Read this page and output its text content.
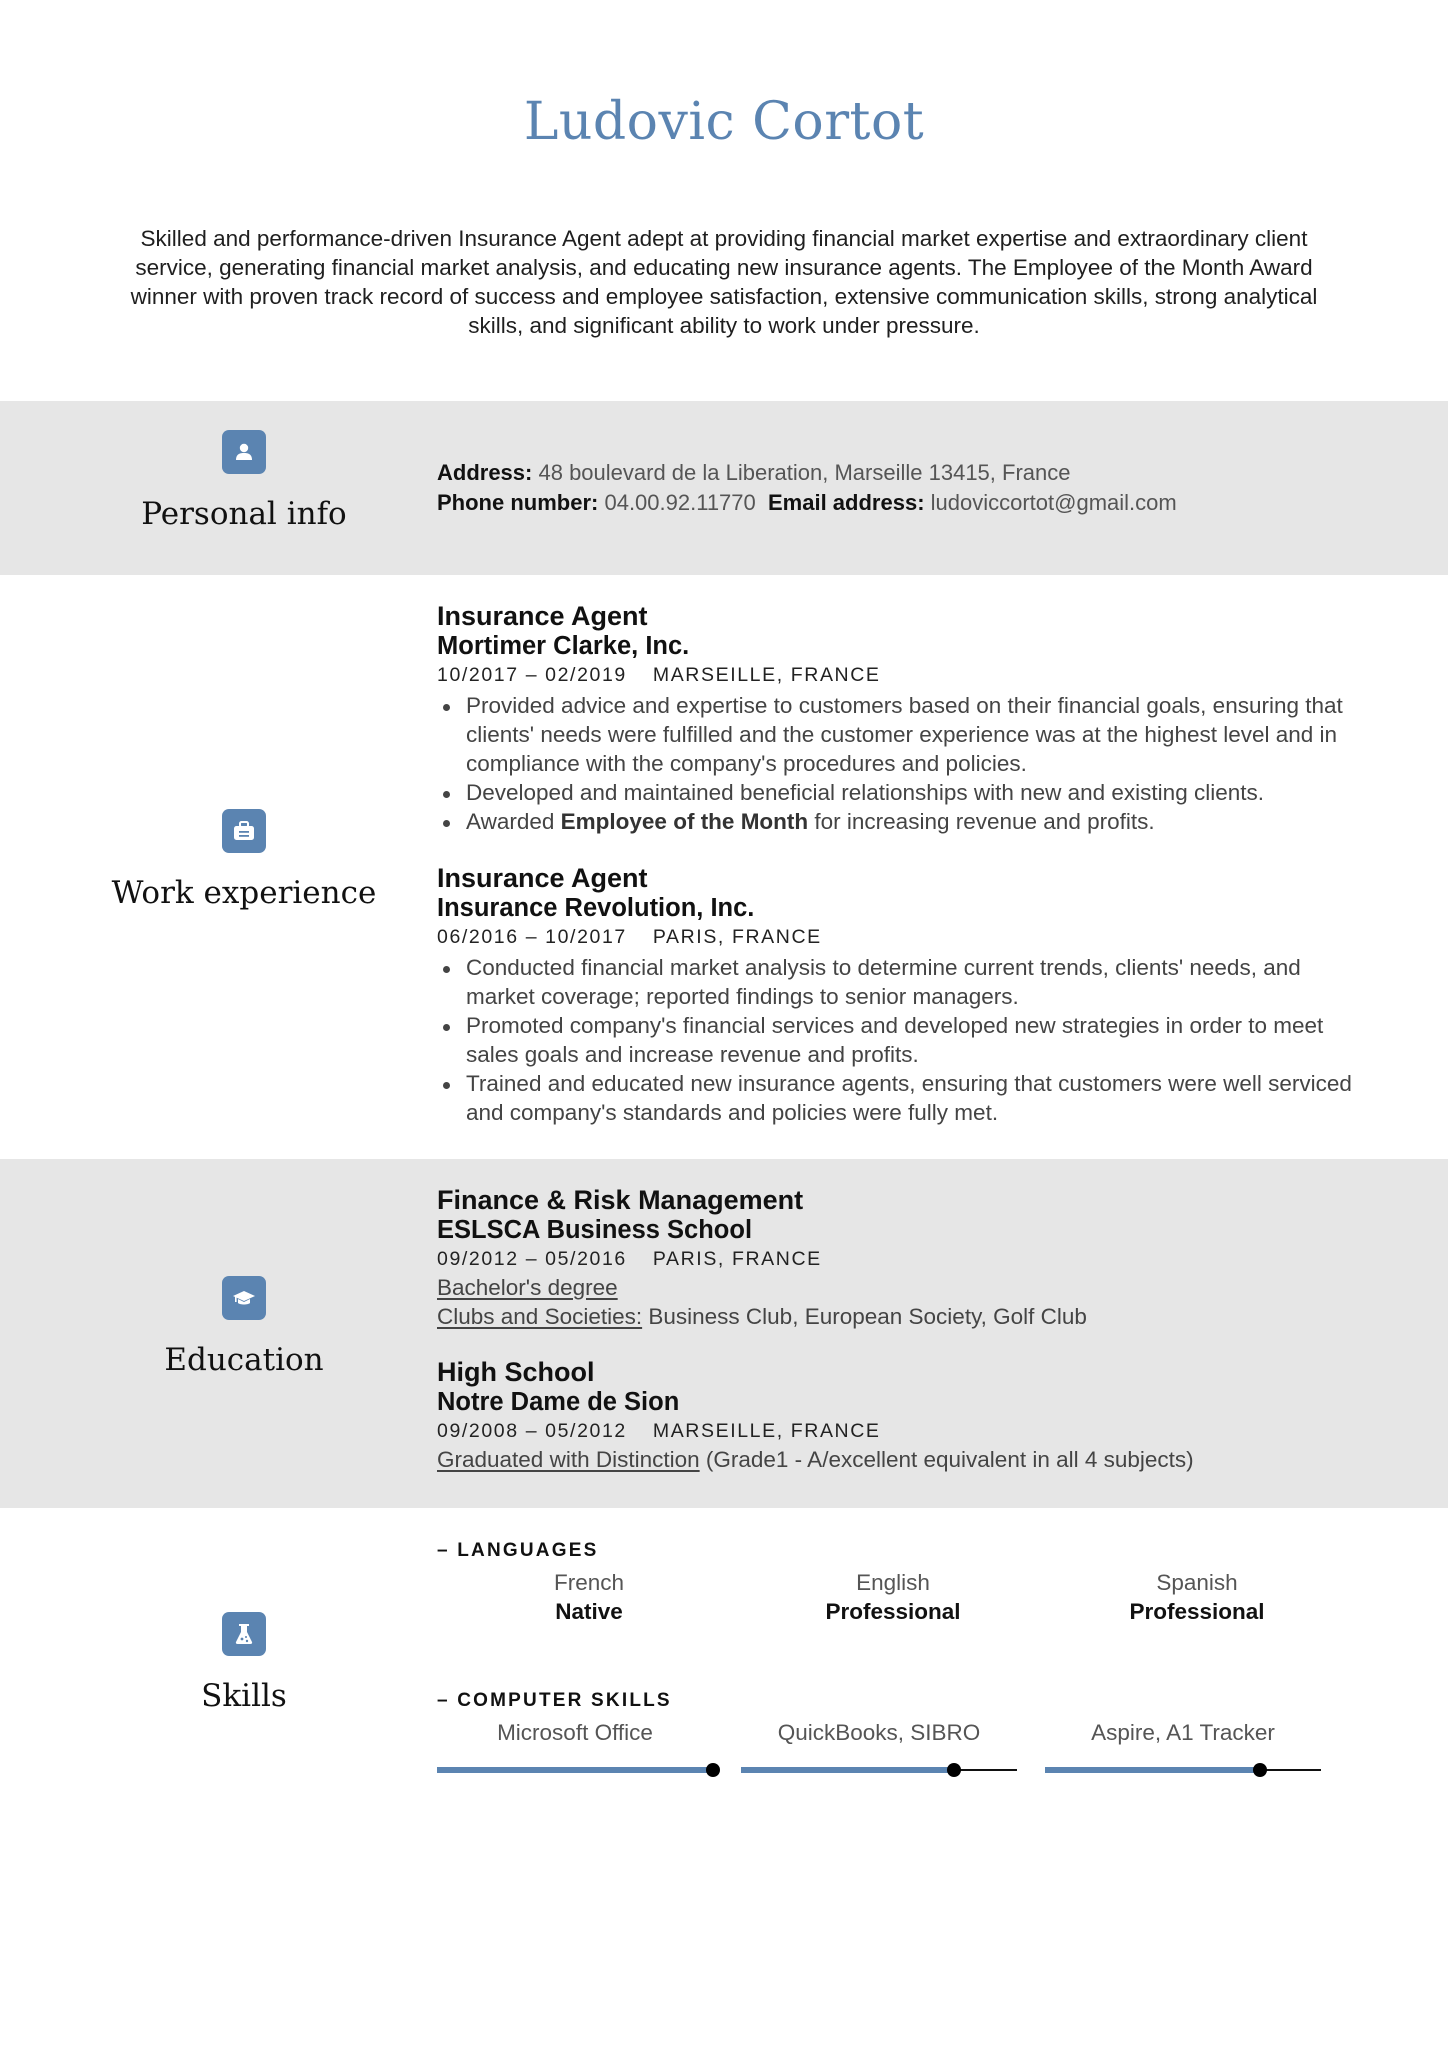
Ludovic Cortot
Skilled and performance-driven Insurance Agent adept at providing financial market expertise and extraordinary client service, generating financial market analysis, and educating new insurance agents. The Employee of the Month Award winner with proven track record of success and employee satisfaction, extensive communication skills, strong analytical skills, and significant ability to work under pressure.
Personal info
Address: 48 boulevard de la Liberation, Marseille 13415, France
Phone number: 04.00.92.11770 Email address: ludoviccortot@gmail.com
Work experience
Insurance Agent
Mortimer Clarke, Inc.
10/2017 – 02/2019 MARSEILLE, FRANCE
Provided advice and expertise to customers based on their financial goals, ensuring that clients' needs were fulfilled and the customer experience was at the highest level and in compliance with the company's procedures and policies.
Developed and maintained beneficial relationships with new and existing clients.
Awarded Employee of the Month for increasing revenue and profits.
Insurance Agent
Insurance Revolution, Inc.
06/2016 – 10/2017 PARIS, FRANCE
Conducted financial market analysis to determine current trends, clients' needs, and market coverage; reported findings to senior managers.
Promoted company's financial services and developed new strategies in order to meet sales goals and increase revenue and profits.
Trained and educated new insurance agents, ensuring that customers were well serviced and company's standards and policies were fully met.
Education
Finance & Risk Management
ESLSCA Business School
09/2012 – 05/2016 PARIS, FRANCE
Bachelor's degree
Clubs and Societies: Business Club, European Society, Golf Club
High School
Notre Dame de Sion
09/2008 – 05/2012 MARSEILLE, FRANCE
Graduated with Distinction (Grade1 - A/excellent equivalent in all 4 subjects)
Skills
– LANGUAGES
French
Native
English
Professional
Spanish
Professional
– COMPUTER SKILLS
Microsoft Office	QuickBooks, SIBRO	Aspire, A1 Tracker
